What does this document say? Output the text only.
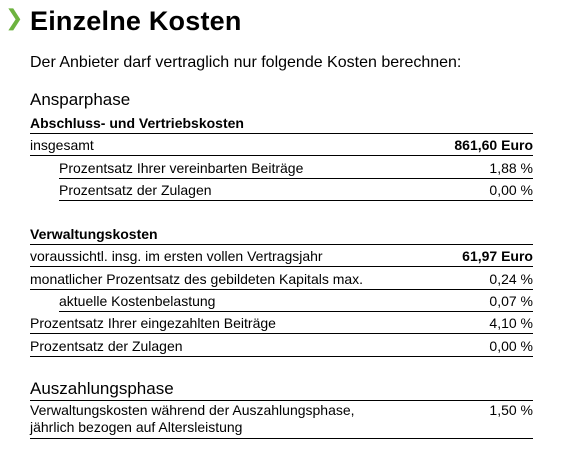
❯ Einzelne Kosten
Der Anbieter darf vertraglich nur folgende Kosten berechnen:
Ansparphase
Abschluss- und Vertriebskosten
insgesamt	861,60 Euro
Prozentsatz Ihrer vereinbarten Beiträge	1,88 %
Prozentsatz der Zulagen	0,00 %
Verwaltungskosten
voraussichtl. insg. im ersten vollen Vertragsjahr	61,97 Euro
monatlicher Prozentsatz des gebildeten Kapitals max.	0,24 %
aktuelle Kostenbelastung	0,07 %
Prozentsatz Ihrer eingezahlten Beiträge	4,10 %
Prozentsatz der Zulagen	0,00 %
Auszahlungsphase
Verwaltungskosten während der Auszahlungsphase,
jährlich bezogen auf Altersleistung
1,50 %
